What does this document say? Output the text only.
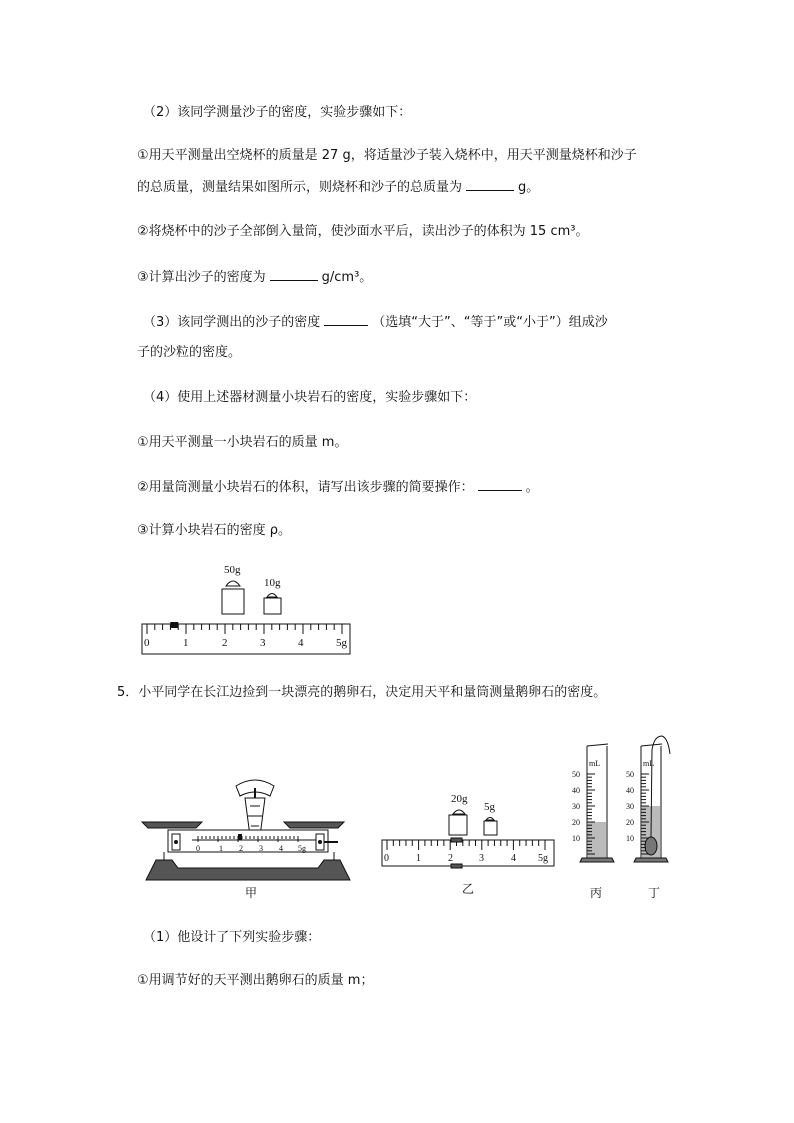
（2）该同学测量沙子的密度，实验步骤如下：
①用天平测量出空烧杯的质量是 27 g，将适量沙子装入烧杯中，用天平测量烧杯和沙子
的总质量，测量结果如图所示，则烧杯和沙子的总质量为	g。
②将烧杯中的沙子全部倒入量筒，使沙面水平后，读出沙子的体积为 15 cm³。
③计算出沙子的密度为	g/cm³。
（3）该同学测出的沙子的密度	（选填“大于”、“等于”或“小于”）组成沙
子的沙粒的密度。
（4）使用上述器材测量小块岩石的密度，实验步骤如下：
①用天平测量一小块岩石的质量 m。
②用量筒测量小块岩石的体积，请写出该步骤的简要操作：	。
③计算小块岩石的密度 ρ。
50g
10g
0	1	2	3	4	5g
5．小平同学在长江边捡到一块漂亮的鹅卵石，决定用天平和量筒测量鹅卵石的密度。
0 1 2 3 4 5g
甲
20g
5g
0	1	2	3	4 5g
乙
mL
50
40
30
20
10
丙
mL
50
40
30
20
10
丁
（1）他设计了下列实验步骤：
①用调节好的天平测出鹅卵石的质量 m；
